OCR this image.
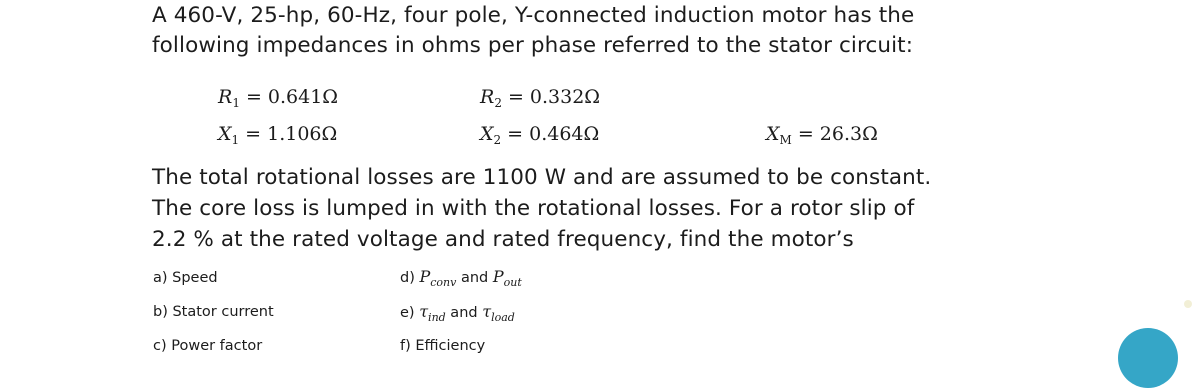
A 460-V, 25-hp, 60-Hz, four pole, Y-connected induction motor has the
following impedances in ohms per phase referred to the stator circuit:
$R_1 = 0.641\Omega$	$R_2 = 0.332\Omega$
$X_1 = 1.106\Omega$	$X_2 = 0.464\Omega$	$X_M = 26.3\Omega$
The total rotational losses are 1100 W and are assumed to be constant.
The core loss is lumped in with the rotational losses. For a rotor slip of
2.2 % at the rated voltage and rated frequency, find the motor’s
a) Speed
b) Stator current
c) Power factor
d) $P_{conv}$ and $P_{out}$
e) $\tau_{ind}$ and $\tau_{load}$
f) Efficiency
